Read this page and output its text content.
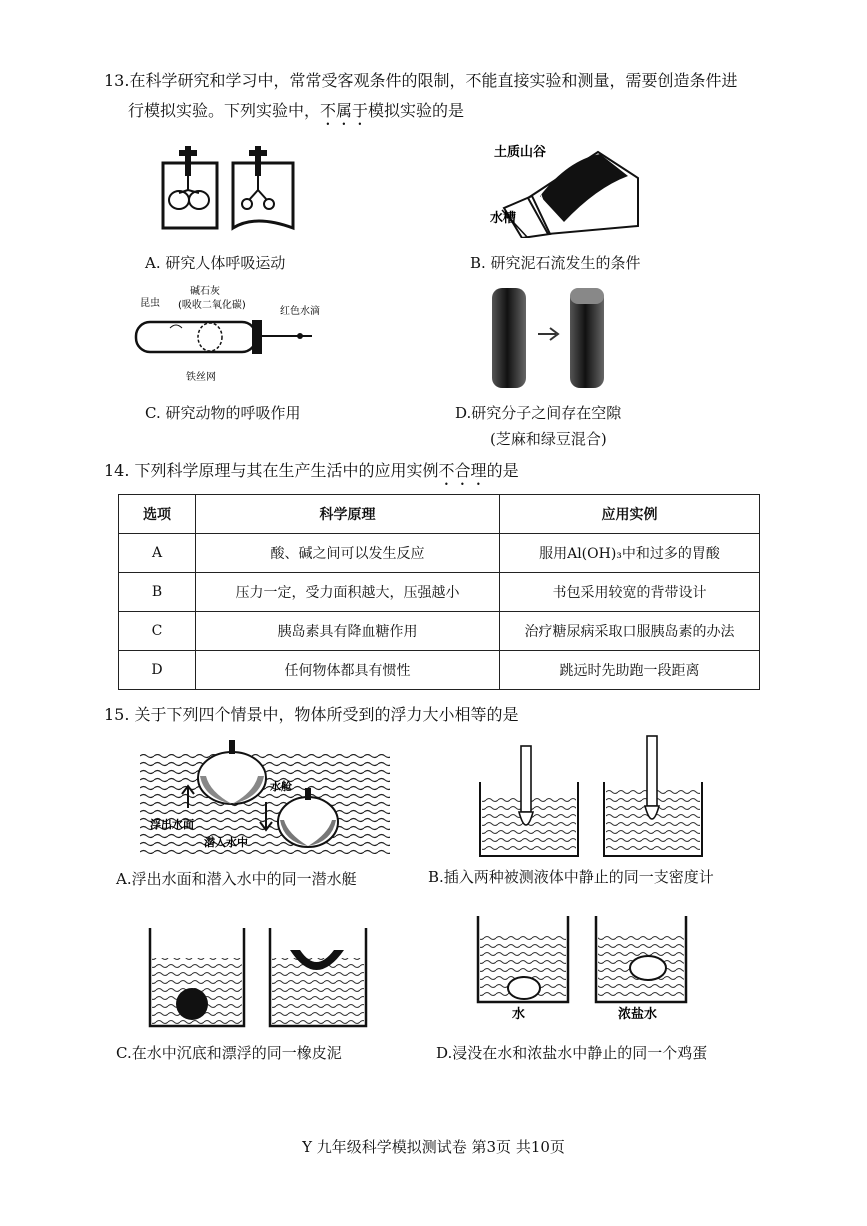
13.在科学研究和学习中，常常受客观条件的限制，不能直接实验和测量，需要创造条件进
行模拟实验。下列实验中，不属于模拟实验的是
土质山谷
水槽
A
A. 研究人体呼吸运动	B. 研究泥石流发生的条件
昆虫
碱石灰
(吸收二氧化碳)
红色水滴
铁丝网
C. 研究动物的呼吸作用	D.研究分子之间存在空隙
(芝麻和绿豆混合)
14. 下列科学原理与其在生产生活中的应用实例不合理的是
选项	科学原理	应用实例
A	酸、碱之间可以发生反应	服用Al(OH)₃中和过多的胃酸
B	压力一定，受力面积越大，压强越小	书包采用较宽的背带设计
C	胰岛素具有降血糖作用	治疗糖尿病采取口服胰岛素的办法
D	任何物体都具有惯性	跳远时先助跑一段距离
15. 关于下列四个情景中，物体所受到的浮力大小相等的是
水舱
浮出水面
潜入水中
A.浮出水面和潜入水中的同一潜水艇	B.插入两种被测液体中静止的同一支密度计
水	浓盐水
C.在水中沉底和漂浮的同一橡皮泥	D.浸没在水和浓盐水中静止的同一个鸡蛋
Y 九年级科学模拟测试卷 第3页 共10页
